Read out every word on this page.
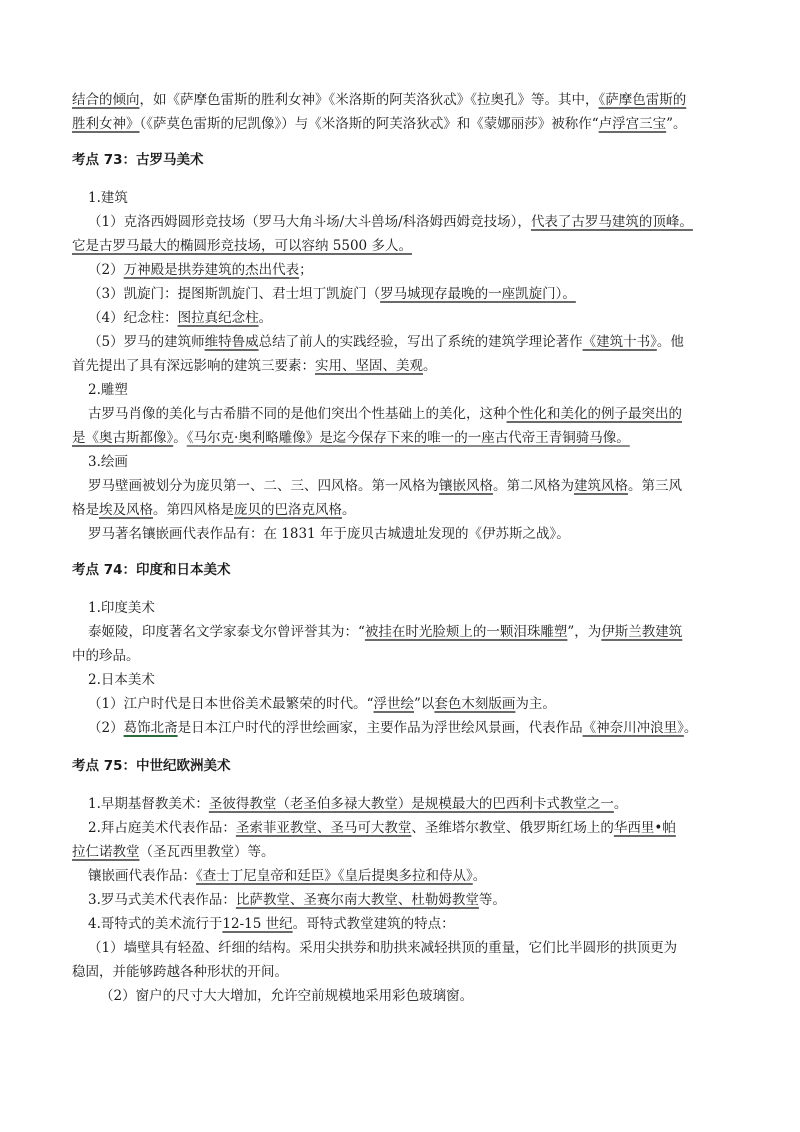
结合的倾向，如《萨摩色雷斯的胜利女神》《米洛斯的阿芙洛狄忒》《拉奥孔》等。其中，《萨摩色雷斯的
胜利女神》（《萨莫色雷斯的尼凯像》）与《米洛斯的阿芙洛狄忒》和《蒙娜丽莎》被称作“卢浮宫三宝”。
考点 73：古罗马美术
1.建筑
（1）克洛西姆圆形竞技场（罗马大角斗场/大斗兽场/科洛姆西姆竞技场），代表了古罗马建筑的顶峰。
它是古罗马最大的椭圆形竞技场，可以容纳 5500 多人。
（2）万神殿是拱券建筑的杰出代表；
（3）凯旋门：提图斯凯旋门、君士坦丁凯旋门（罗马城现存最晚的一座凯旋门）。
（4）纪念柱：图拉真纪念柱。
（5）罗马的建筑师维特鲁威总结了前人的实践经验，写出了系统的建筑学理论著作《建筑十书》。他
首先提出了具有深远影响的建筑三要素：实用、坚固、美观。
2.雕塑
古罗马肖像的美化与古希腊不同的是他们突出个性基础上的美化，这种个性化和美化的例子最突出的
是《奥古斯都像》。《马尔克·奥利略雕像》是迄今保存下来的唯一的一座古代帝王青铜骑马像。
3.绘画
罗马壁画被划分为庞贝第一、二、三、四风格。第一风格为镶嵌风格。第二风格为建筑风格。第三风
格是埃及风格。第四风格是庞贝的巴洛克风格。
罗马著名镶嵌画代表作品有：在 1831 年于庞贝古城遗址发现的《伊苏斯之战》。
考点 74：印度和日本美术
1.印度美术
泰姬陵，印度著名文学家泰戈尔曾评誉其为：“被挂在时光脸颊上的一颗泪珠雕塑”，为伊斯兰教建筑
中的珍品。
2.日本美术
（1）江户时代是日本世俗美术最繁荣的时代。“浮世绘”以套色木刻版画为主。
（2）葛饰北斋是日本江户时代的浮世绘画家，主要作品为浮世绘风景画，代表作品《神奈川冲浪里》。
考点 75：中世纪欧洲美术
1.早期基督教美术：圣彼得教堂（老圣伯多禄大教堂）是规模最大的巴西利卡式教堂之一。
2.拜占庭美术代表作品：圣索菲亚教堂、圣马可大教堂、圣维塔尔教堂、俄罗斯红场上的华西里•帕
拉仁诺教堂（圣瓦西里教堂）等。
镶嵌画代表作品：《查士丁尼皇帝和廷臣》《皇后提奥多拉和侍从》。
3.罗马式美术代表作品：比萨教堂、圣赛尔南大教堂、杜勒姆教堂等。
4.哥特式的美术流行于12-15 世纪。哥特式教堂建筑的特点：
（1）墙壁具有轻盈、纤细的结构。采用尖拱券和肋拱来减轻拱顶的重量，它们比半圆形的拱顶更为
稳固，并能够跨越各种形状的开间。
（2）窗户的尺寸大大增加，允许空前规模地采用彩色玻璃窗。
